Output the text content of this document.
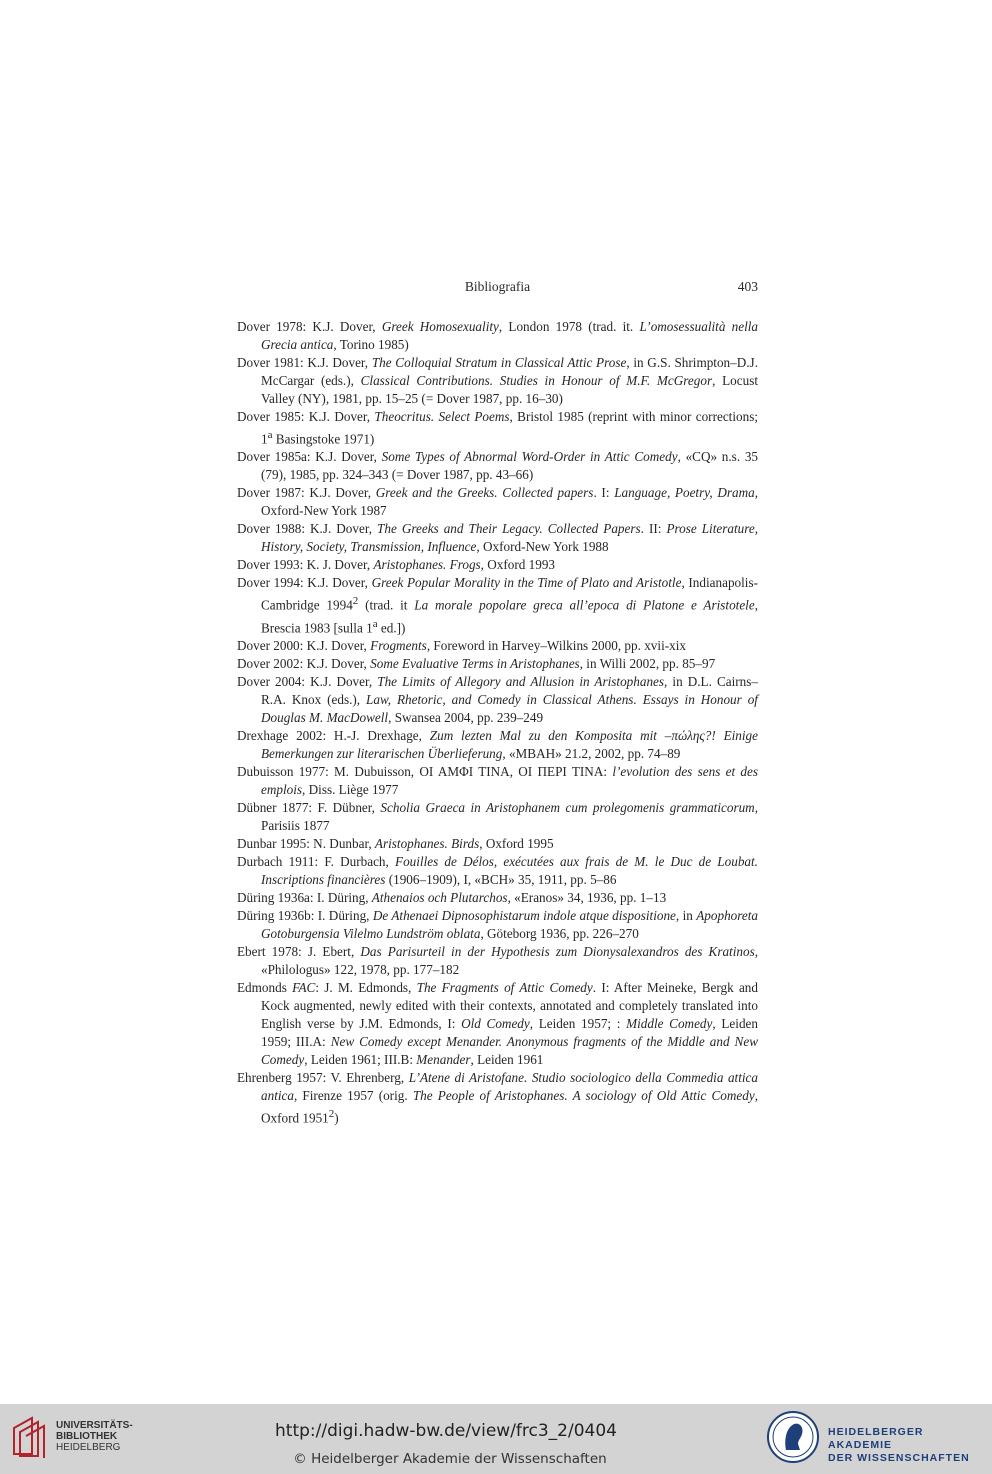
Bibliografia	403
Dover 1978: K.J. Dover, Greek Homosexuality, London 1978 (trad. it. L’omosessualità nella Grecia antica, Torino 1985)
Dover 1981: K.J. Dover, The Colloquial Stratum in Classical Attic Prose, in G.S. Shrimpton–D.J. McCargar (eds.), Classical Contributions. Studies in Honour of M.F. McGregor, Locust Valley (NY), 1981, pp. 15–25 (= Dover 1987, pp. 16–30)
Dover 1985: K.J. Dover, Theocritus. Select Poems, Bristol 1985 (reprint with minor corrections; 1$^a$ Basingstoke 1971)
Dover 1985a: K.J. Dover, Some Types of Abnormal Word-Order in Attic Comedy, «CQ» n.s. 35 (79), 1985, pp. 324–343 (= Dover 1987, pp. 43–66)
Dover 1987: K.J. Dover, Greek and the Greeks. Collected papers. I: Language, Poetry, Drama, Oxford-New York 1987
Dover 1988: K.J. Dover, The Greeks and Their Legacy. Collected Papers. II: Prose Literature, History, Society, Transmission, Influence, Oxford-New York 1988
Dover 1993: K. J. Dover, Aristophanes. Frogs, Oxford 1993
Dover 1994: K.J. Dover, Greek Popular Morality in the Time of Plato and Aristotle, Indianapolis-Cambridge 1994$^2$ (trad. it La morale popolare greca all’epoca di Platone e Aristotele, Brescia 1983 [sulla 1$^a$ ed.])
Dover 2000: K.J. Dover, Frogments, Foreword in Harvey–Wilkins 2000, pp. xvii-xix
Dover 2002: K.J. Dover, Some Evaluative Terms in Aristophanes, in Willi 2002, pp. 85–97
Dover 2004: K.J. Dover, The Limits of Allegory and Allusion in Aristophanes, in D.L. Cairns–R.A. Knox (eds.), Law, Rhetoric, and Comedy in Classical Athens. Essays in Honour of Douglas M. MacDowell, Swansea 2004, pp. 239–249
Drexhage 2002: H.-J. Drexhage, Zum lezten Mal zu den Komposita mit –πώλης?! Einige Bemerkungen zur literarischen Überlieferung, «MBAH» 21.2, 2002, pp. 74–89
Dubuisson 1977: M. Dubuisson, ΟΙ ΑΜΦΙ ΤΙΝΑ, ΟΙ ΠΕΡΙ ΤΙΝΑ: l’evolution des sens et des emplois, Diss. Liège 1977
Dübner 1877: F. Dübner, Scholia Graeca in Aristophanem cum prolegomenis grammaticorum, Parisiis 1877
Dunbar 1995: N. Dunbar, Aristophanes. Birds, Oxford 1995
Durbach 1911: F. Durbach, Fouilles de Délos, exécutées aux frais de M. le Duc de Loubat. Inscriptions financières (1906–1909), I, «BCH» 35, 1911, pp. 5–86
Düring 1936a: I. Düring, Athenaios och Plutarchos, «Eranos» 34, 1936, pp. 1–13
Düring 1936b: I. Düring, De Athenaei Dipnosophistarum indole atque dispositione, in Apophoreta Gotoburgensia Vilelmo Lundström oblata, Göteborg 1936, pp. 226–270
Ebert 1978: J. Ebert, Das Parisurteil in der Hypothesis zum Dionysalexandros des Kratinos, «Philologus» 122, 1978, pp. 177–182
Edmonds FAC: J. M. Edmonds, The Fragments of Attic Comedy. I: After Meineke, Bergk and Kock augmented, newly edited with their contexts, annotated and completely translated into English verse by J.M. Edmonds, I: Old Comedy, Leiden 1957; : Middle Comedy, Leiden 1959; III.A: New Comedy except Menander. Anonymous fragments of the Middle and New Comedy, Leiden 1961; III.B: Menander, Leiden 1961
Ehrenberg 1957: V. Ehrenberg, L’Atene di Aristofane. Studio sociologico della Commedia attica antica, Firenze 1957 (orig. The People of Aristophanes. A sociology of Old Attic Comedy, Oxford 1951$^2$)
UNIVERSITÄTS-
BIBLIOTHEK
HEIDELBERG
http://digi.hadw-bw.de/view/frc3_2/0404
© Heidelberger Akademie der Wissenschaften
HEIDELBERGER AKADEMIE
DER WISSENSCHAFTEN
